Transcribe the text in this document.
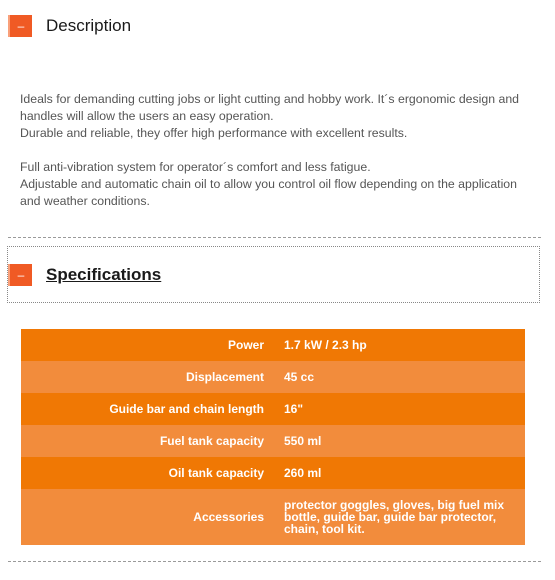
–	Description

Ideals for demanding cutting jobs or light cutting and hobby work. It´s ergonomic design and handles will allow the users an easy operation.

Durable and reliable, they offer high performance with excellent results.

Full anti-vibration system for operator´s comfort and less fatigue.

Adjustable and automatic chain oil to allow you control oil flow depending on the application and weather conditions.

–	Specifications
Power	1.7 kW / 2.3 hp
Displacement	45 cc
Guide bar and chain length	16"
Fuel tank capacity	550 ml
Oil tank capacity	260 ml
Accessories	protector goggles, gloves, big fuel mix bottle, guide bar, guide bar protector, chain, tool kit.
